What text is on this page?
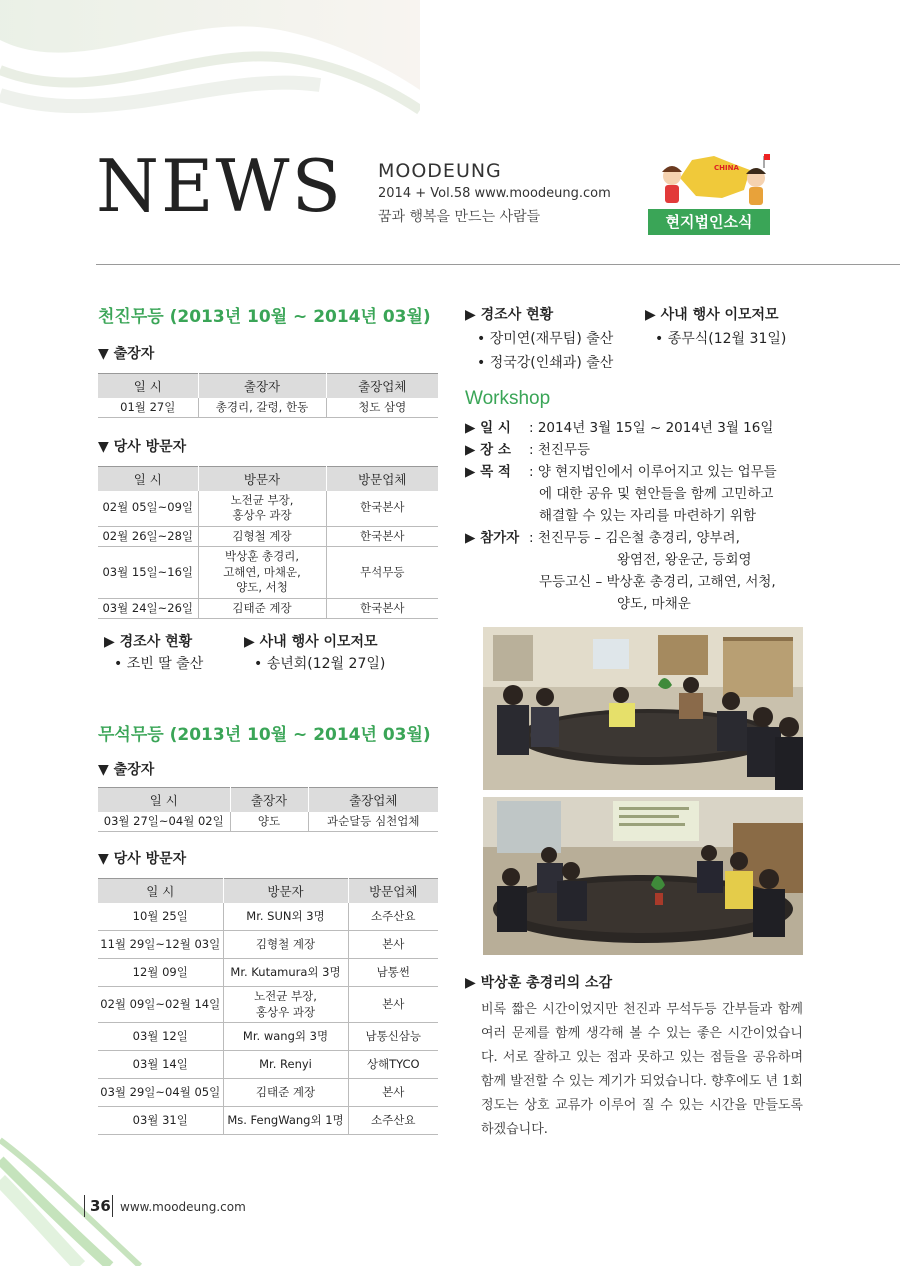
NEWS MOODEUNG
2014 + Vol.58 www.moodeung.com
꿈과 행복을 만드는 사람들
CHINA
현지법인소식
천진무등 (2013년 10월 ~ 2014년 03월)
▼ 출장자
일 시	출장자	출장업체
01월 27일	총경리, 갈령, 한동	청도 삼영
▼ 당사 방문자
일 시	방문자	방문업체
02월 05일~09일	노전균 부장,
홍상우 과장	한국본사
02월 26일~28일	김형철 계장	한국본사
03월 15일~16일	박상훈 총경리,
고해연, 마채운,
양도, 서청	무석무등
03월 24일~26일	김태준 계장	한국본사
▶ 경조사 현황
• 조빈 딸 출산
▶ 사내 행사 이모저모
• 송년회(12월 27일)
무석무등 (2013년 10월 ~ 2014년 03월)
▼ 출장자
일 시	출장자	출장업체
03월 27일~04월 02일	양도	과순달등 심천업체
▼ 당사 방문자
일 시	방문자	방문업체
10월 25일	Mr. SUN외 3명	소주산요
11월 29일~12월 03일	김형철 계장	본사
12월 09일	Mr. Kutamura외 3명	남통썬
02월 09일~02월 14일	노전균 부장,
홍상우 과장	본사
03월 12일	Mr. wang외 3명	남통신삼능
03월 14일	Mr. Renyi	상해TYCO
03월 29일~04월 05일	김태준 계장	본사
03월 31일	Ms. FengWang외 1명	소주산요
▶ 경조사 현황
• 장미연(재무팀) 출산
• 정국강(인쇄과) 출산
▶ 사내 행사 이모저모
• 종무식(12월 31일)
Workshop
▶ 일 시 : 2014년 3월 15일 ~ 2014년 3월 16일
▶ 장 소 : 천진무등
▶ 목 적 : 양 현지법인에서 이루어지고 있는 업무들
에 대한 공유 및 현안들을 함께 고민하고
해결할 수 있는 자리를 마련하기 위함
▶ 참가자 : 천진무등 – 김은철 총경리, 양부려,
왕염전, 왕운군, 등회영
무등고신 – 박상훈 총경리, 고해연, 서청,
양도, 마채운
▶ 박상훈 총경리의 소감
비록 짧은 시간이었지만 천진과 무석두등 간부들과 함께 여러 문제를 함께 생각해 볼 수 있는 좋은 시간이었습니다. 서로 잘하고 있는 점과 못하고 있는 점들을 공유하며 함께 발전할 수 있는 계기가 되었습니다. 향후에도 년 1회 정도는 상호 교류가 이루어 질 수 있는 시간을 만들도록 하겠습니다.
36 www.moodeung.com
